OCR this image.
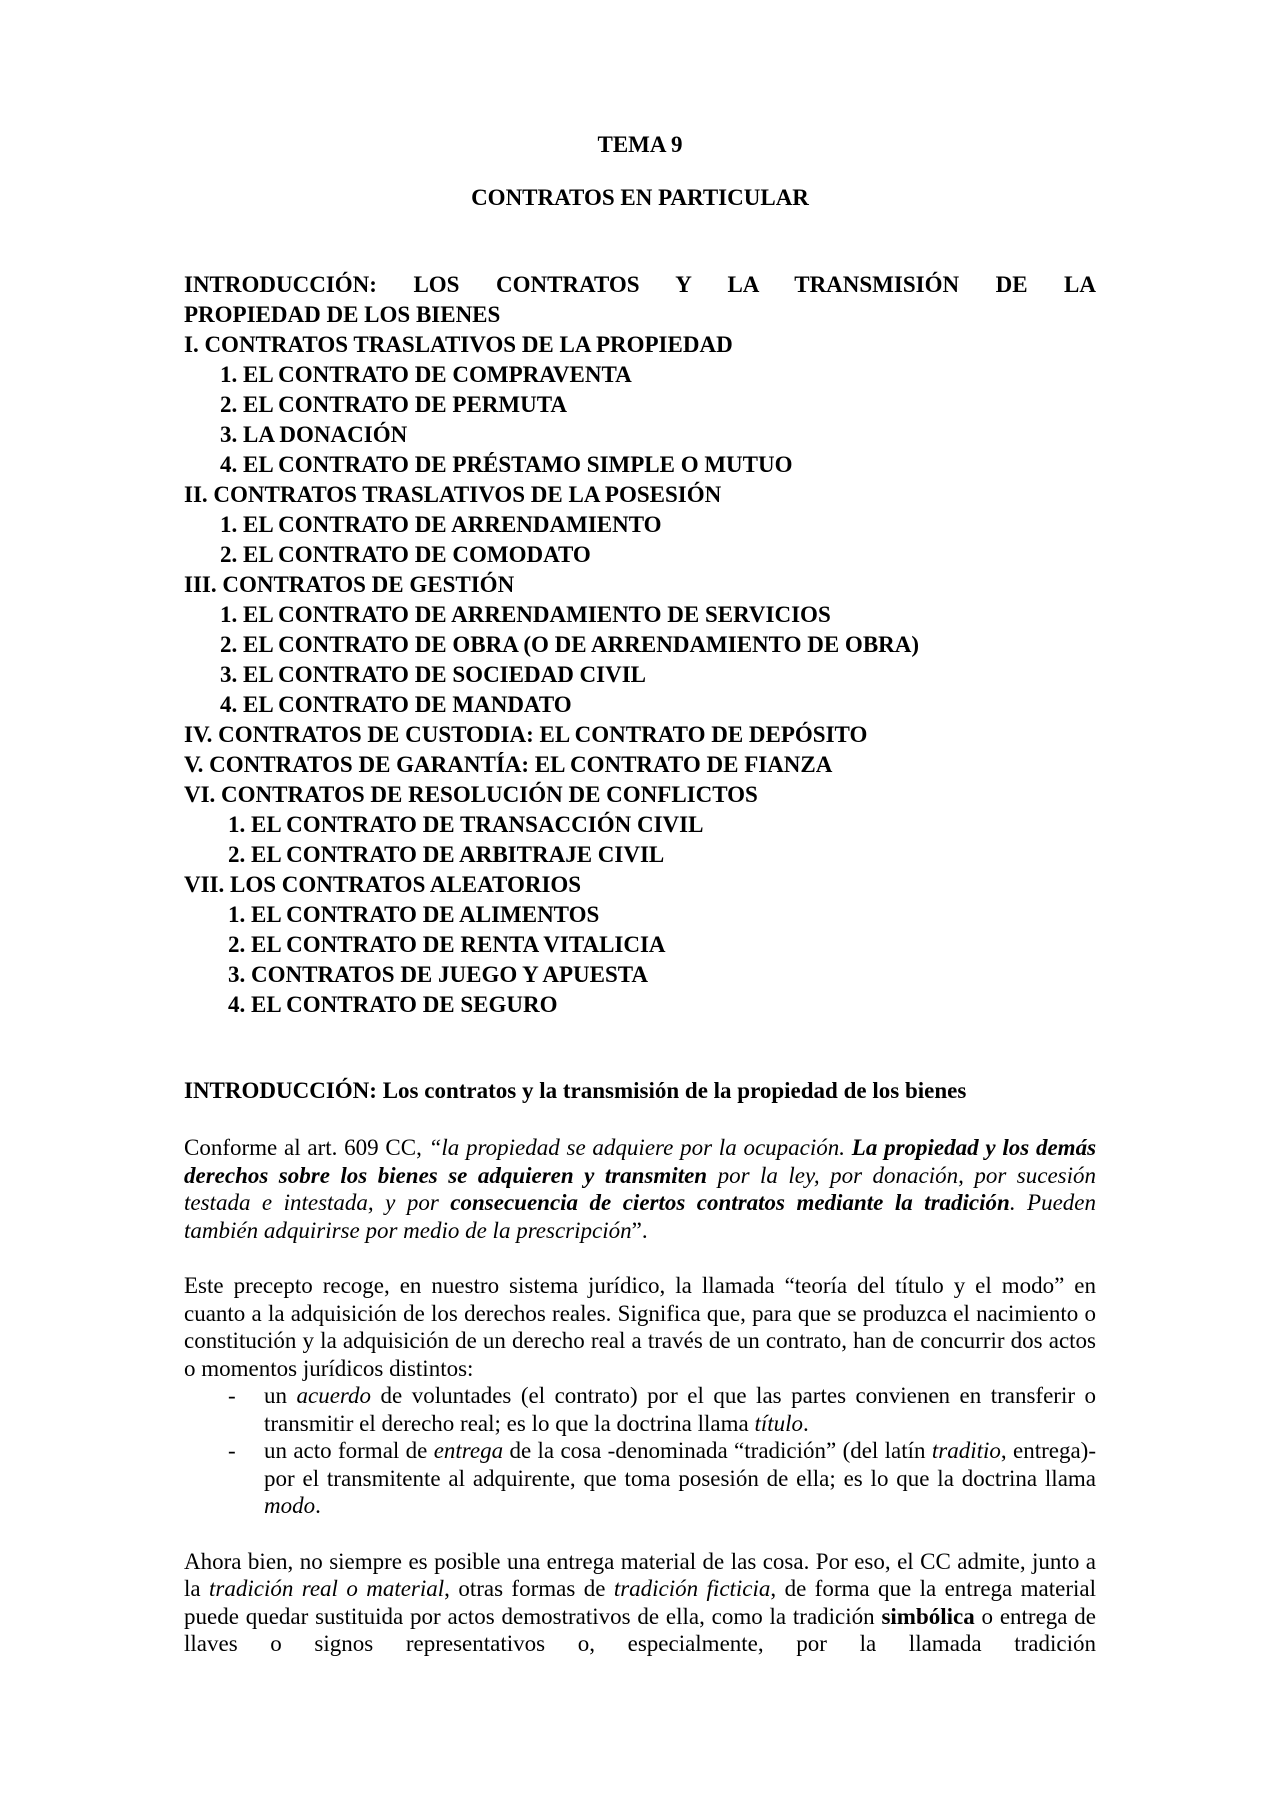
TEMA 9
CONTRATOS EN PARTICULAR
INTRODUCCIÓN: LOS CONTRATOS Y LA TRANSMISIÓN DE LA
PROPIEDAD DE LOS BIENES
I. CONTRATOS TRASLATIVOS DE LA PROPIEDAD
1. EL CONTRATO DE COMPRAVENTA
2. EL CONTRATO DE PERMUTA
3. LA DONACIÓN
4. EL CONTRATO DE PRÉSTAMO SIMPLE O MUTUO
II. CONTRATOS TRASLATIVOS DE LA POSESIÓN
1. EL CONTRATO DE ARRENDAMIENTO
2. EL CONTRATO DE COMODATO
III. CONTRATOS DE GESTIÓN
1. EL CONTRATO DE ARRENDAMIENTO DE SERVICIOS
2. EL CONTRATO DE OBRA (O DE ARRENDAMIENTO DE OBRA)
3. EL CONTRATO DE SOCIEDAD CIVIL
4. EL CONTRATO DE MANDATO
IV. CONTRATOS DE CUSTODIA: EL CONTRATO DE DEPÓSITO
V. CONTRATOS DE GARANTÍA: EL CONTRATO DE FIANZA
VI. CONTRATOS DE RESOLUCIÓN DE CONFLICTOS
1. EL CONTRATO DE TRANSACCIÓN CIVIL
2. EL CONTRATO DE ARBITRAJE CIVIL
VII. LOS CONTRATOS ALEATORIOS
1. EL CONTRATO DE ALIMENTOS
2. EL CONTRATO DE RENTA VITALICIA
3. CONTRATOS DE JUEGO Y APUESTA
4. EL CONTRATO DE SEGURO
INTRODUCCIÓN: Los contratos y la transmisión de la propiedad de los bienes

Conforme al art. 609 CC, “la propiedad se adquiere por la ocupación. La propiedad y los demás derechos sobre los bienes se adquieren y transmiten por la ley, por donación, por sucesión testada e intestada, y por consecuencia de ciertos contratos mediante la tradición. Pueden también adquirirse por medio de la prescripción”.

Este precepto recoge, en nuestro sistema jurídico, la llamada “teoría del título y el modo” en cuanto a la adquisición de los derechos reales. Significa que, para que se produzca el nacimiento o constitución y la adquisición de un derecho real a través de un contrato, han de concurrir dos actos o momentos jurídicos distintos:

- un acuerdo de voluntades (el contrato) por el que las partes convienen en transferir o transmitir el derecho real; es lo que la doctrina llama título.
- un acto formal de entrega de la cosa -denominada “tradición” (del latín traditio, entrega)- por el transmitente al adquirente, que toma posesión de ella; es lo que la doctrina llama modo.

Ahora bien, no siempre es posible una entrega material de las cosa. Por eso, el CC admite, junto a la tradición real o material, otras formas de tradición ficticia, de forma que la entrega material puede quedar sustituida por actos demostrativos de ella, como la tradición simbólica o entrega de llaves o signos representativos o, especialmente, por la llamada tradición
